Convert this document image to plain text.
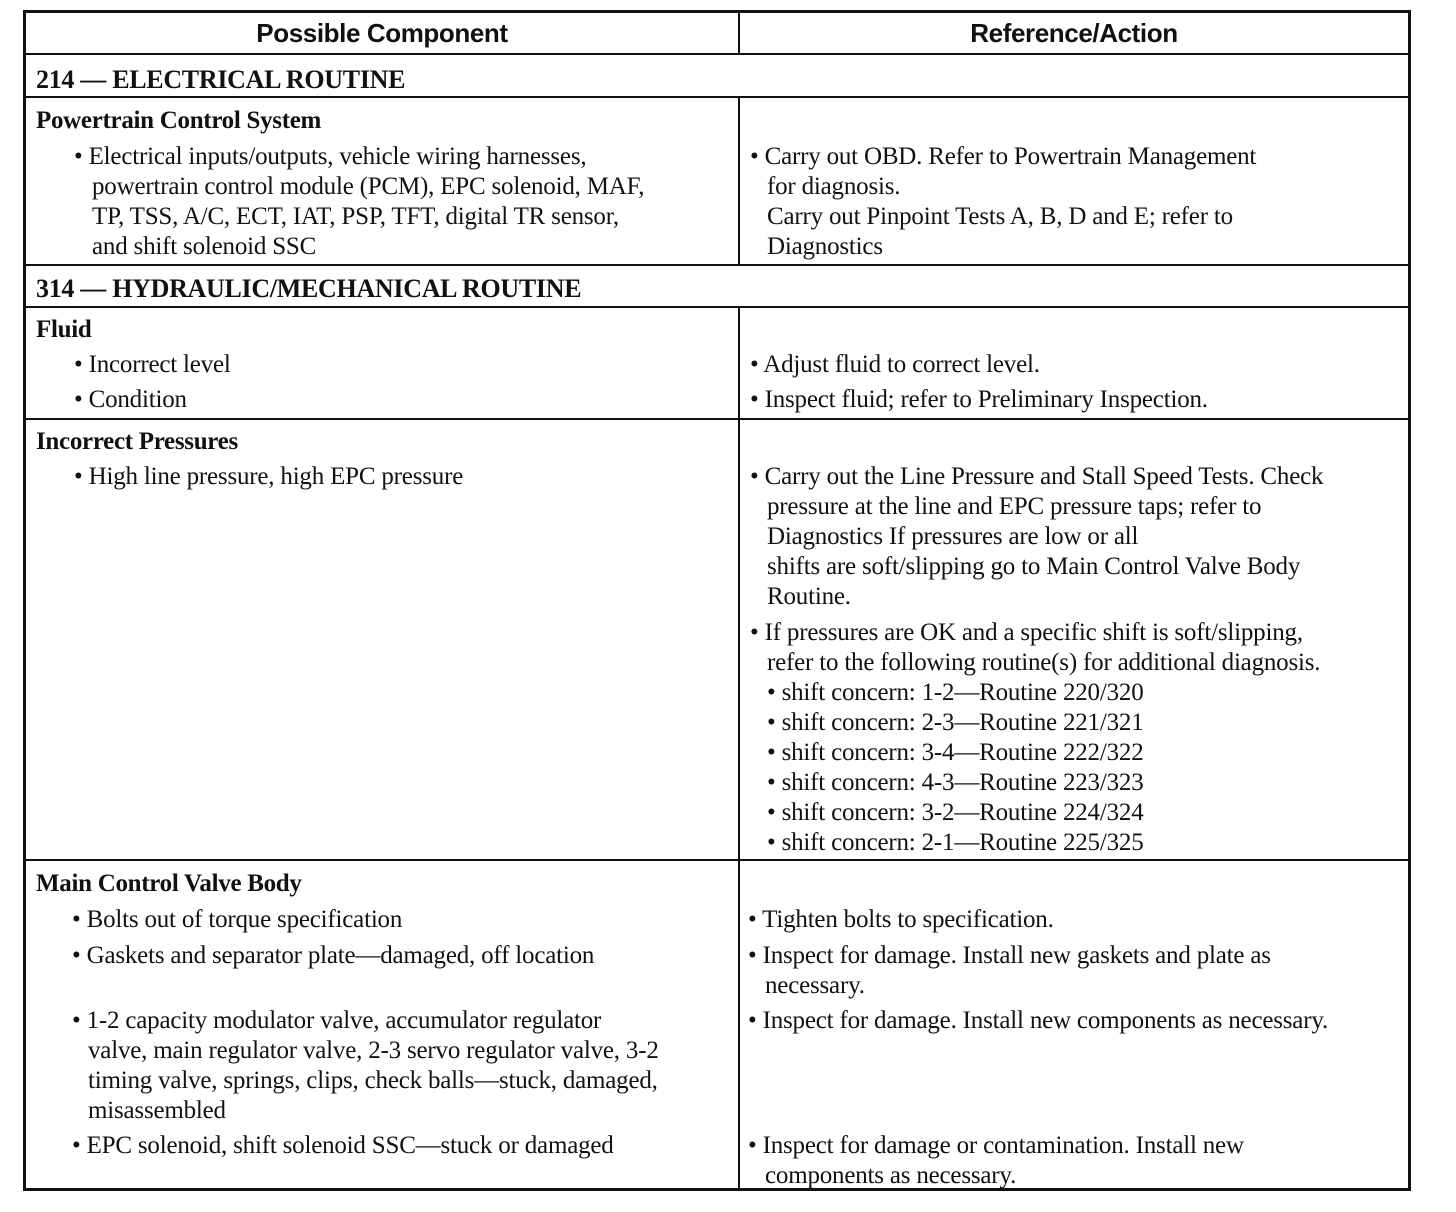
Possible Component	Reference/Action
214 — ELECTRICAL ROUTINE
Powertrain Control System
• Electrical inputs/outputs, vehicle wiring harnesses,
powertrain control module (PCM), EPC solenoid, MAF,
TP, TSS, A/C, ECT, IAT, PSP, TFT, digital TR sensor,
and shift solenoid SSC
• Carry out OBD. Refer to Powertrain Management
for diagnosis.
Carry out Pinpoint Tests A, B, D and E; refer to
Diagnostics
314 — HYDRAULIC/MECHANICAL ROUTINE
Fluid
• Incorrect level
• Condition
• Adjust fluid to correct level.
• Inspect fluid; refer to Preliminary Inspection.
Incorrect Pressures
• High line pressure, high EPC pressure	• Carry out the Line Pressure and Stall Speed Tests. Check
pressure at the line and EPC pressure taps; refer to
Diagnostics If pressures are low or all
shifts are soft/slipping go to Main Control Valve Body
Routine.
• If pressures are OK and a specific shift is soft/slipping,
refer to the following routine(s) for additional diagnosis.
• shift concern: 1-2—Routine 220/320
• shift concern: 2-3—Routine 221/321
• shift concern: 3-4—Routine 222/322
• shift concern: 4-3—Routine 223/323
• shift concern: 3-2—Routine 224/324
• shift concern: 2-1—Routine 225/325
Main Control Valve Body
• Bolts out of torque specification
• Gaskets and separator plate—damaged, off location
• 1-2 capacity modulator valve, accumulator regulator
valve, main regulator valve, 2-3 servo regulator valve, 3-2
timing valve, springs, clips, check balls—stuck, damaged,
misassembled
• EPC solenoid, shift solenoid SSC—stuck or damaged
• Tighten bolts to specification.
• Inspect for damage. Install new gaskets and plate as
necessary.
• Inspect for damage. Install new components as necessary.
• Inspect for damage or contamination. Install new
components as necessary.
